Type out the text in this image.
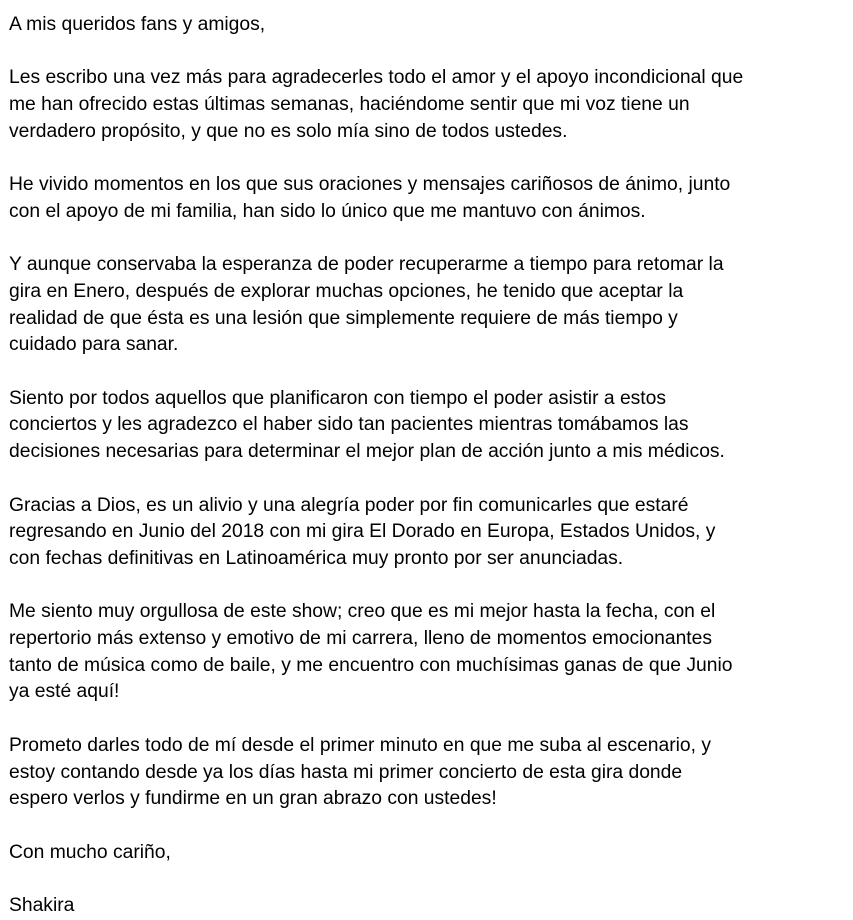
A mis queridos fans y amigos,

Les escribo una vez más para agradecerles todo el amor y el apoyo incondicional que
me han ofrecido estas últimas semanas, haciéndome sentir que mi voz tiene un
verdadero propósito, y que no es solo mía sino de todos ustedes.

He vivido momentos en los que sus oraciones y mensajes cariñosos de ánimo, junto
con el apoyo de mi familia, han sido lo único que me mantuvo con ánimos.

Y aunque conservaba la esperanza de poder recuperarme a tiempo para retomar la
gira en Enero, después de explorar muchas opciones, he tenido que aceptar la
realidad de que ésta es una lesión que simplemente requiere de más tiempo y
cuidado para sanar.

Siento por todos aquellos que planificaron con tiempo el poder asistir a estos
conciertos y les agradezco el haber sido tan pacientes mientras tomábamos las
decisiones necesarias para determinar el mejor plan de acción junto a mis médicos.

Gracias a Dios, es un alivio y una alegría poder por fin comunicarles que estaré
regresando en Junio del 2018 con mi gira El Dorado en Europa, Estados Unidos, y
con fechas definitivas en Latinoamérica muy pronto por ser anunciadas.

Me siento muy orgullosa de este show; creo que es mi mejor hasta la fecha, con el
repertorio más extenso y emotivo de mi carrera, lleno de momentos emocionantes
tanto de música como de baile, y me encuentro con muchísimas ganas de que Junio
ya esté aquí!

Prometo darles todo de mí desde el primer minuto en que me suba al escenario, y
estoy contando desde ya los días hasta mi primer concierto de esta gira donde
espero verlos y fundirme en un gran abrazo con ustedes!

Con mucho cariño,

Shakira
